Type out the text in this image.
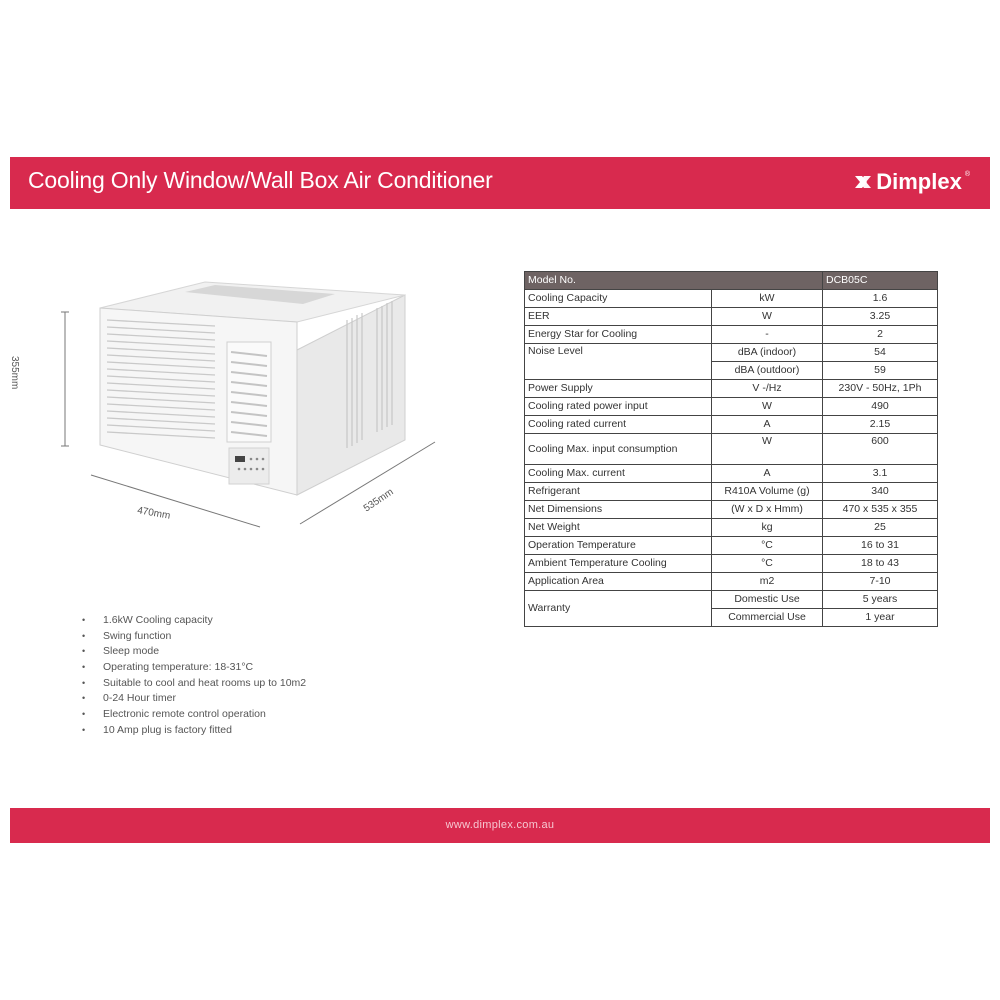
Cooling Only Window/Wall Box Air Conditioner	Dimplex ®
355mm
470mm	535mm
Model No.		DCB05C
Cooling Capacity	kW	1.6
EER	W	3.25
Energy Star for Cooling	-	2
Noise Level	dBA (indoor)	54
	dBA (outdoor)	59
Power Supply	V -/Hz	230V - 50Hz, 1Ph
Cooling rated power input	W	490
Cooling rated current	A	2.15
Cooling Max. input consumption	W	600
Cooling Max. current	A	3.1
Refrigerant	R410A Volume (g)	340
Net Dimensions	(W x D x Hmm)	470 x 535 x 355
Net Weight	kg	25
Operation Temperature	°C	16 to 31
Ambient Temperature Cooling	°C	18 to 43
Application Area	m2	7-10
Warranty	Domestic Use	5 years
	Commercial Use	1 year
• 1.6kW Cooling capacity
• Swing function
• Sleep mode
• Operating temperature: 18-31°C
• Suitable to cool and heat rooms up to 10m2
• 0-24 Hour timer
• Electronic remote control operation
• 10 Amp plug is factory fitted
www.dimplex.com.au
